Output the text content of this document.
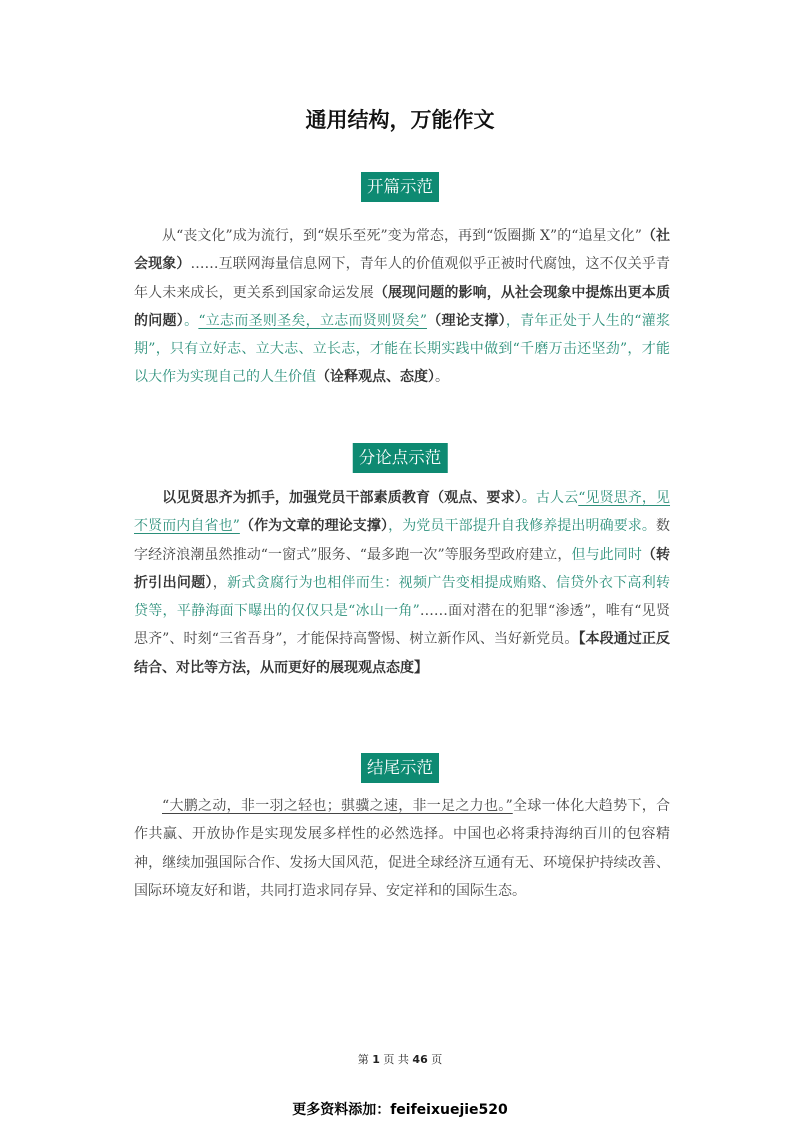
通用结构，万能作文
开篇示范
从“丧文化”成为流行，到“娱乐至死”变为常态，再到“饭圈撕 X”的“追星文化”（社会现象）……互联网海量信息网下，青年人的价值观似乎正被时代腐蚀，这不仅关乎青年人未来成长，更关系到国家命运发展（展现问题的影响，从社会现象中提炼出更本质的问题）。“立志而圣则圣矣，立志而贤则贤矣”（理论支撑），青年正处于人生的“灌浆期”，只有立好志、立大志、立长志，才能在长期实践中做到“千磨万击还坚劲”，才能以大作为实现自己的人生价值（诠释观点、态度）。
分论点示范
以见贤思齐为抓手，加强党员干部素质教育（观点、要求）。古人云“见贤思齐，见不贤而内自省也”（作为文章的理论支撑），为党员干部提升自我修养提出明确要求。数字经济浪潮虽然推动“一窗式”服务、“最多跑一次”等服务型政府建立，但与此同时（转折引出问题），新式贪腐行为也相伴而生：视频广告变相提成贿赂、信贷外衣下高利转贷等，平静海面下曝出的仅仅只是“冰山一角”……面对潜在的犯罪“渗透”，唯有“见贤思齐”、时刻“三省吾身”，才能保持高警惕、树立新作风、当好新党员。【本段通过正反结合、对比等方法，从而更好的展现观点态度】
结尾示范
“大鹏之动，非一羽之轻也；骐骥之速，非一足之力也。”全球一体化大趋势下，合作共赢、开放协作是实现发展多样性的必然选择。中国也必将秉持海纳百川的包容精神，继续加强国际合作、发扬大国风范，促进全球经济互通有无、环境保护持续改善、国际环境友好和谐，共同打造求同存异、安定祥和的国际生态。
第 1 页 共 46 页
更多资料添加：feifeixuejie520
